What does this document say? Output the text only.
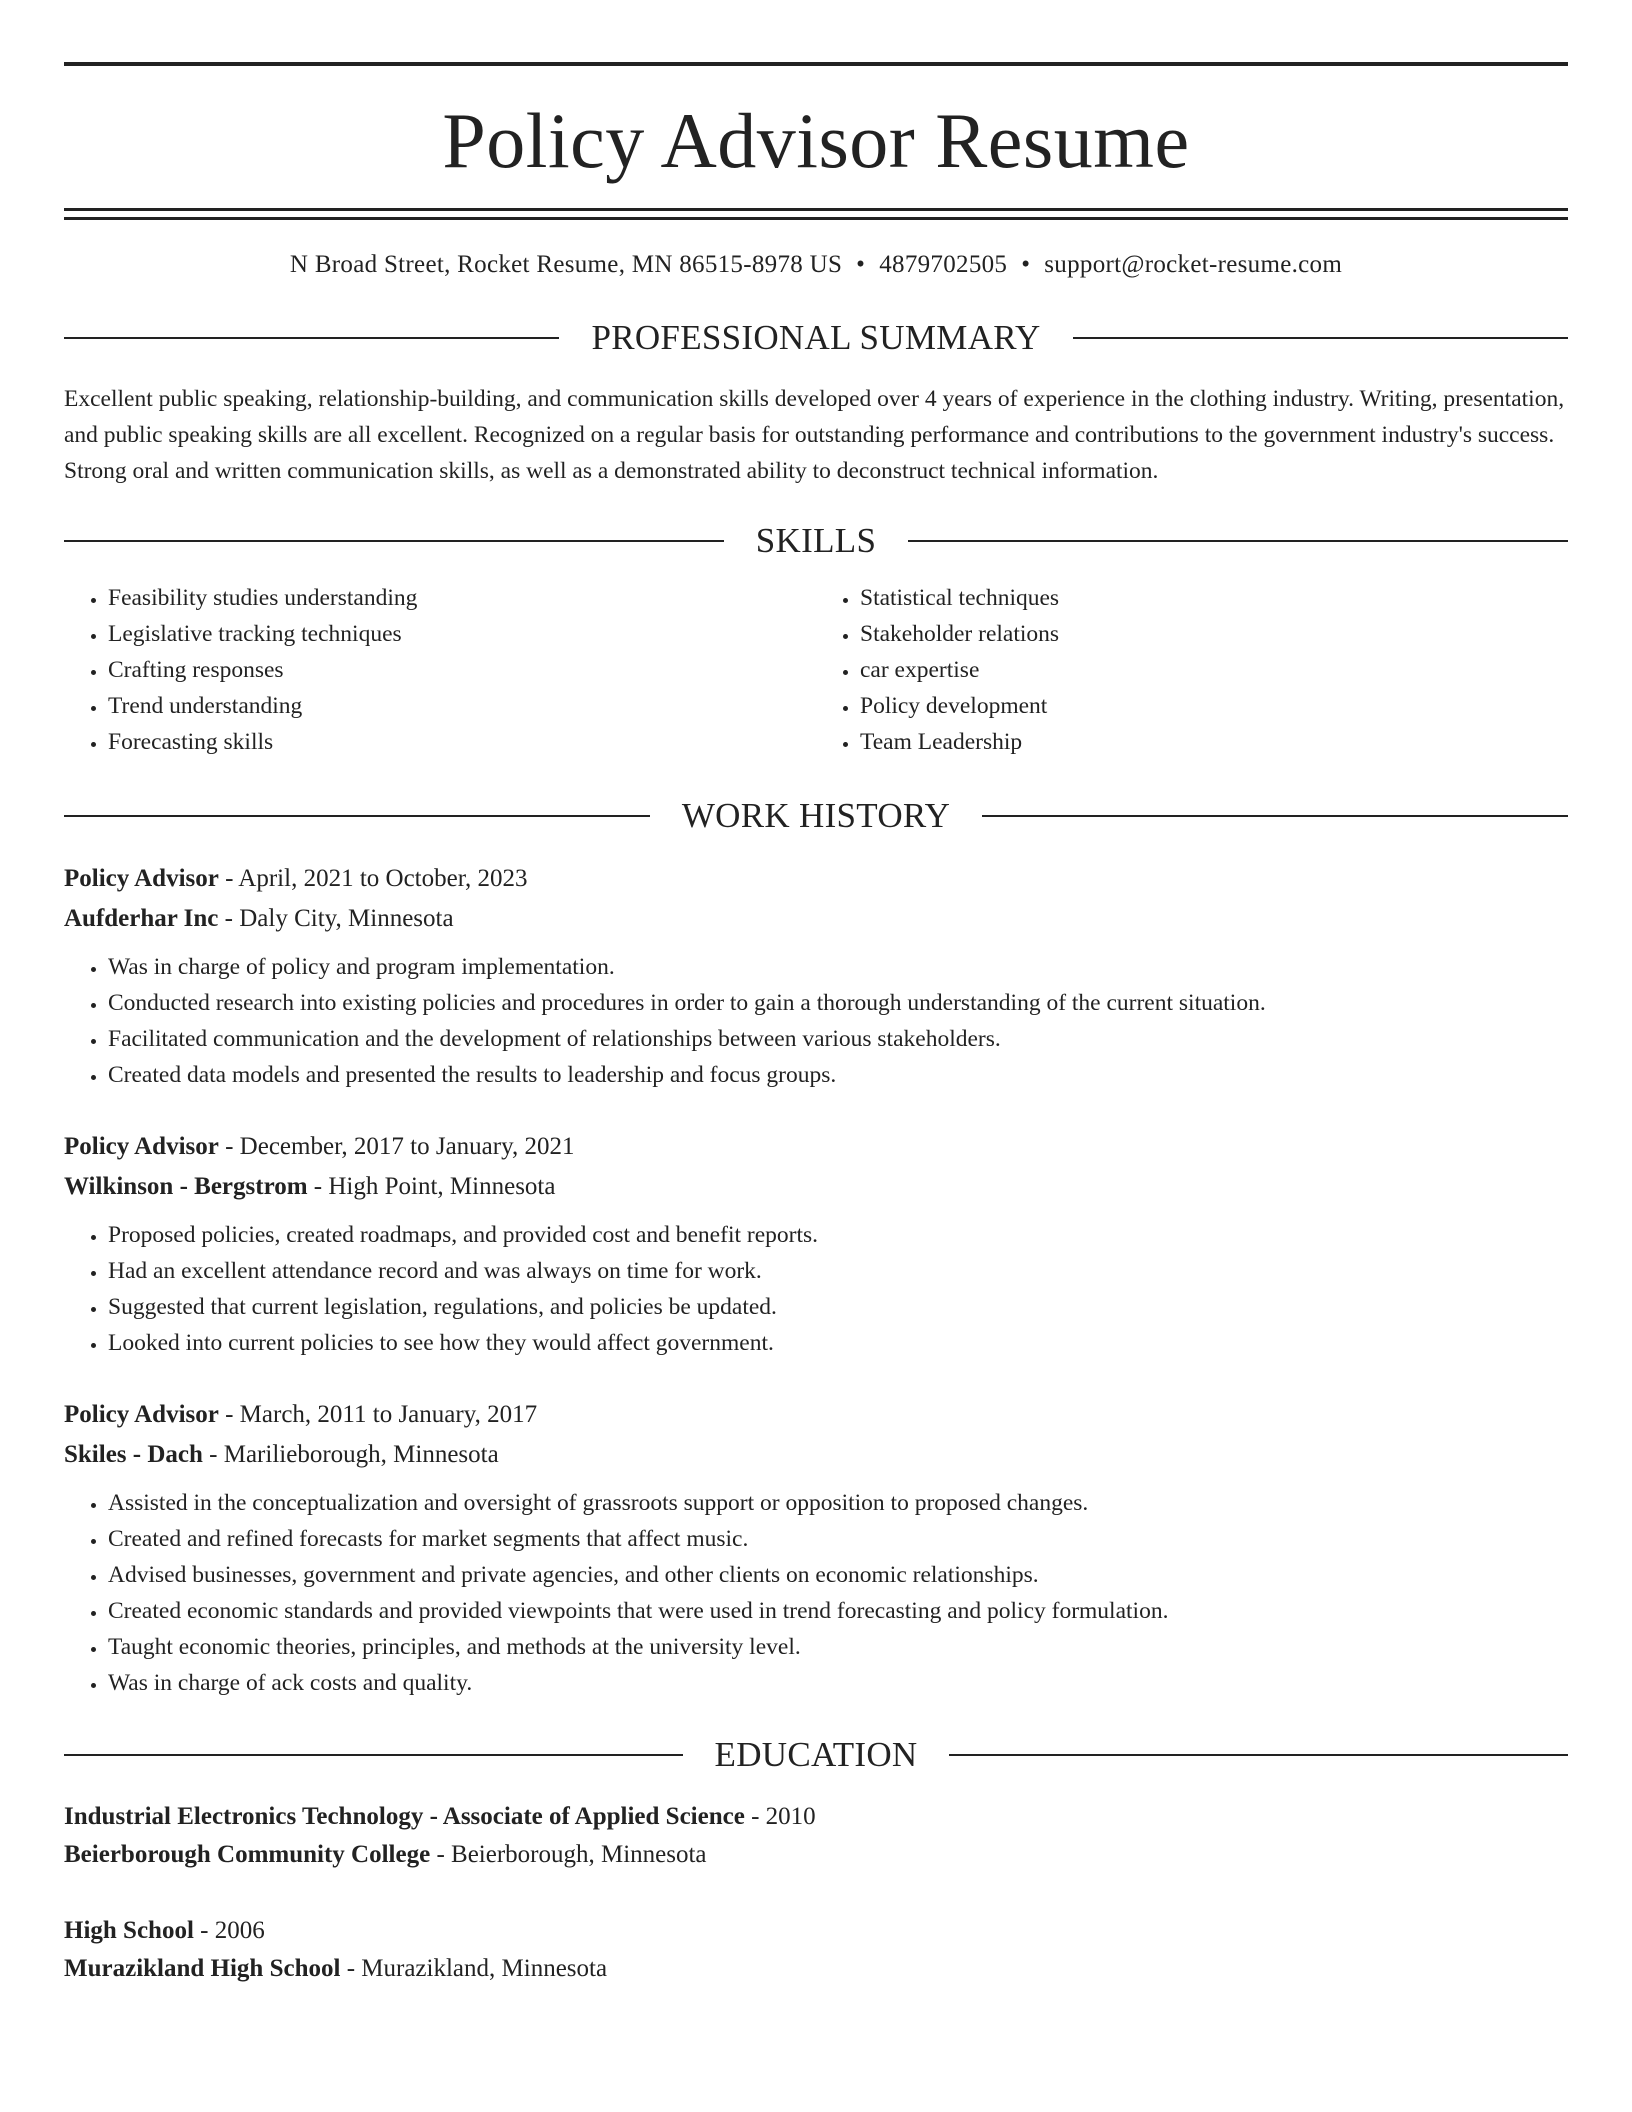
Policy Advisor Resume
N Broad Street, Rocket Resume, MN 86515-8978 US • 4879702505 • support@rocket-resume.com
PROFESSIONAL SUMMARY

Excellent public speaking, relationship-building, and communication skills developed over 4 years of experience in the clothing industry. Writing, presentation, and public speaking skills are all excellent. Recognized on a regular basis for outstanding performance and contributions to the government industry's success. Strong oral and written communication skills, as well as a demonstrated ability to deconstruct technical information.

SKILLS
• Feasibility studies understanding
• Legislative tracking techniques
• Crafting responses
• Trend understanding
• Forecasting skills
• Statistical techniques
• Stakeholder relations
• car expertise
• Policy development
• Team Leadership
WORK HISTORY
Policy Advisor - April, 2021 to October, 2023
Aufderhar Inc - Daly City, Minnesota
• Was in charge of policy and program implementation.
• Conducted research into existing policies and procedures in order to gain a thorough understanding of the current situation.
• Facilitated communication and the development of relationships between various stakeholders.
• Created data models and presented the results to leadership and focus groups.
Policy Advisor - December, 2017 to January, 2021
Wilkinson - Bergstrom - High Point, Minnesota
• Proposed policies, created roadmaps, and provided cost and benefit reports.
• Had an excellent attendance record and was always on time for work.
• Suggested that current legislation, regulations, and policies be updated.
• Looked into current policies to see how they would affect government.
Policy Advisor - March, 2011 to January, 2017
Skiles - Dach - Marilieborough, Minnesota
• Assisted in the conceptualization and oversight of grassroots support or opposition to proposed changes.
• Created and refined forecasts for market segments that affect music.
• Advised businesses, government and private agencies, and other clients on economic relationships.
• Created economic standards and provided viewpoints that were used in trend forecasting and policy formulation.
• Taught economic theories, principles, and methods at the university level.
• Was in charge of ack costs and quality.
EDUCATION
Industrial Electronics Technology - Associate of Applied Science - 2010
Beierborough Community College - Beierborough, Minnesota
High School - 2006
Murazikland High School - Murazikland, Minnesota
